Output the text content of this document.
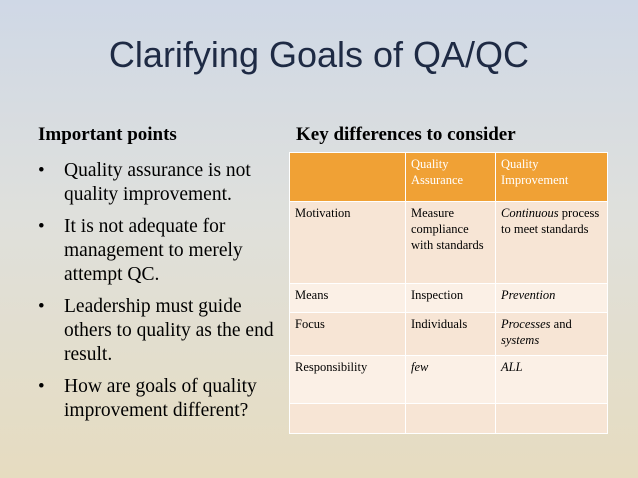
Clarifying Goals of QA/QC
Important points
• Quality assurance is not quality improvement.
• It is not adequate for management to merely attempt QC.
• Leadership must guide others to quality as the end result.
• How are goals of quality improvement different?
Key differences to consider
	Quality Assurance	Quality Improvement
Motivation	Measure compliance with standards	Continuous process to meet standards
Means	Inspection	Prevention
Focus	Individuals	Processes and systems
Responsibility	few	ALL
